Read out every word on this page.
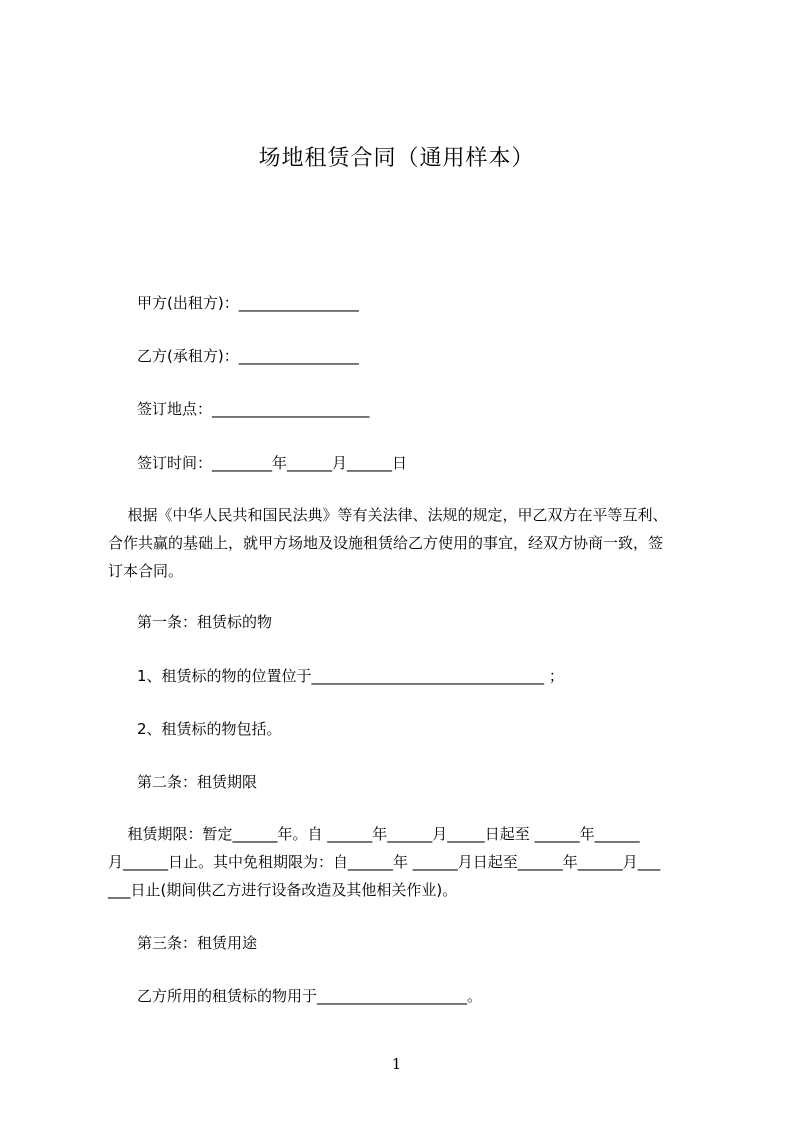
场地租赁合同（通用样本）
甲方(出租方)：________________
乙方(承租方)：________________
签订地点：_____________________
签订时间：________年______月______日

根据《中华人民共和国民法典》等有关法律、法规的规定，甲乙双方在平等互利、

合作共赢的基础上，就甲方场地及设施租赁给乙方使用的事宜，经双方协商一致，签

订本合同。

第一条：租赁标的物
1、租赁标的物的位置位于_______________________________ ；
2、租赁标的物包括。
第二条：租赁期限

租赁期限：暂定______年。自 ______年______月_____日起至 ______年______

月______日止。其中免租期限为：自______年 ______月日起至______年______月___

___日止(期间供乙方进行设备改造及其他相关作业)。

第三条：租赁用途
乙方所用的租赁标的物用于____________________。
1
